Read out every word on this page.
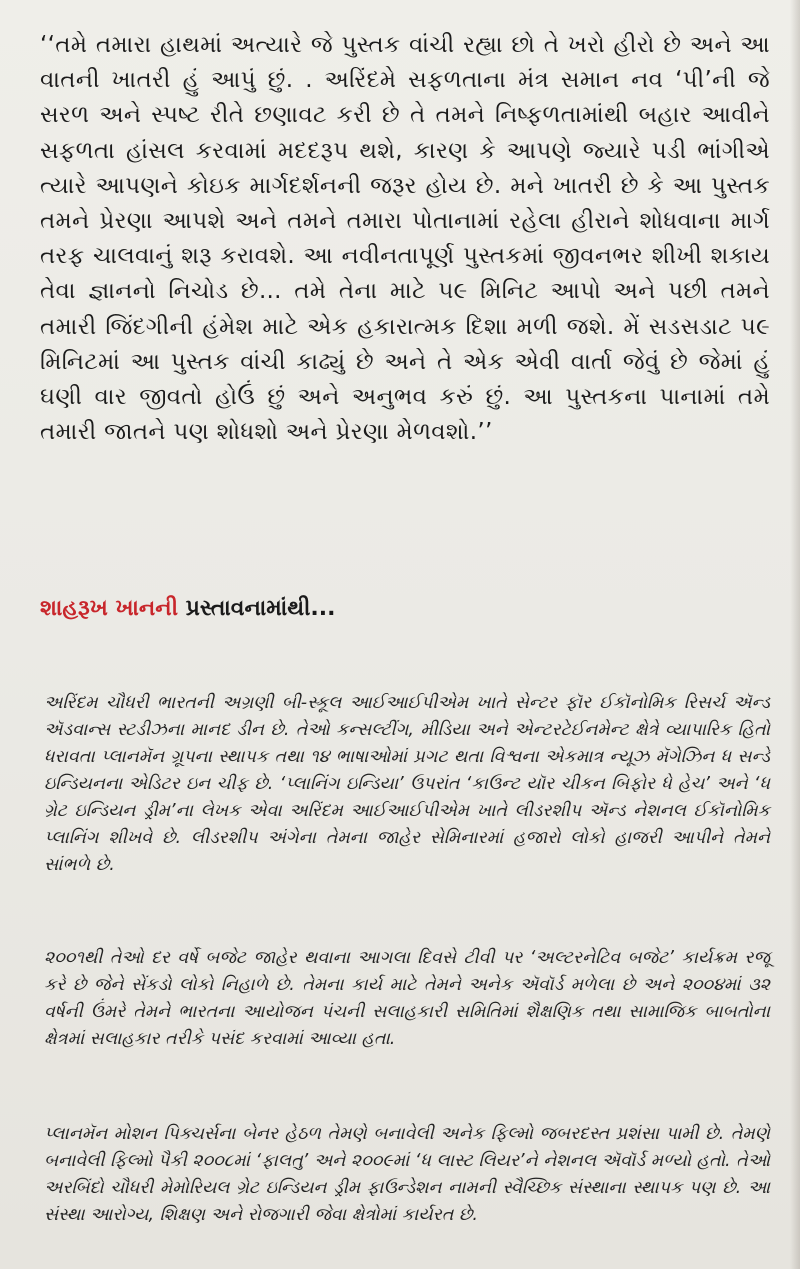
‘‘તમે તમારા હાથમાં અત્યારે જે પુસ્તક વાંચી રહ્યા છો તે ખરો હીરો છે અને આ વાતની ખાતરી હું આપું છું. . અરિંદમે સફળતાના મંત્ર સમાન નવ ‘પી’ની જે સરળ અને સ્પષ્ટ રીતે છણાવટ કરી છે તે તમને નિષ્ફળતામાંથી બહાર આવીને સફળતા હાંસલ કરવામાં મદદરૂપ થશે, કારણ કે આપણે જ્યારે પડી ભાંગીએ ત્યારે આપણને કોઇક માર્ગદર્શનની જરૂર હોય છે. મને ખાતરી છે કે આ પુસ્તક તમને પ્રેરણા આપશે અને તમને તમારા પોતાનામાં રહેલા હીરાને શોધવાના માર્ગ તરફ ચાલવાનું શરૂ કરાવશે. આ નવીનતાપૂર્ણ પુસ્તકમાં જીવનભર શીખી શકાય તેવા જ્ઞાનનો નિચોડ છે... તમે તેના માટે ૫૯ મિનિટ આપો અને પછી તમને તમારી જિંદગીની હંમેશ માટે એક હકારાત્મક દિશા મળી જશે. મેં સડસડાટ ૫૯ મિનિટમાં આ પુસ્તક વાંચી કાઢ્યું છે અને તે એક એવી વાર્તા જેવું છે જેમાં હું ઘણી વાર જીવતો હોઉં છું અને અનુભવ કરું છું. આ પુસ્તકના પાનામાં તમે તમારી જાતને પણ શોધશો અને પ્રેરણા મેળવશો.’’

શાહરૂખ ખાનની પ્રસ્તાવનામાંથી...

અરિંદમ ચૌધરી ભારતની અગ્રણી બી-સ્કૂલ આઈઆઈપીએમ ખાતે સેન્ટર ફૉર ઈકૉનોમિક રિસર્ચ ઍન્ડ ઍડવાન્સ સ્ટડીઝના માનદ ડીન છે. તેઓ કન્સલ્ટીંગ, મીડિયા અને એન્ટરટેઈનમેન્ટ ક્ષેત્રે વ્યાપારિક હિતો ધરાવતા પ્લાનમૅન ગ્રૂપના સ્થાપક તથા ૧૪ ભાષાઓમાં પ્રગટ થતા વિશ્વના એકમાત્ર ન્યૂઝ મૅગેઝિન ધ સન્ડે ઇન્ડિયનના એડિટર ઇન ચીફ છે. ‘પ્લાનિંગ ઇન્ડિયા’ ઉપરાંત ‘કાઉન્ટ યૉર ચીકન બિફોર ધે હેચ’ અને ‘ધ ગ્રેટ ઇન્ડિયન ડ્રીમ’ના લેખક એવા અરિંદમ આઈઆઈપીએમ ખાતે લીડરશીપ ઍન્ડ નેશનલ ઈકૉનોમિક પ્લાનિંગ શીખવે છે. લીડરશીપ અંગેના તેમના જાહેર સેમિનારમાં હજારો લોકો હાજરી આપીને તેમને સાંભળે છે.

૨૦૦૧થી તેઓ દર વર્ષે બજેટ જાહેર થવાના આગલા દિવસે ટીવી પર ‘અલ્ટરનેટિવ બજેટ’ કાર્યક્રમ રજૂ કરે છે જેને સેંકડો લોકો નિહાળે છે. તેમના કાર્ય માટે તેમને અનેક ઍવૉર્ડ મળેલા છે અને ૨૦૦૪માં ૩૨ વર્ષની ઉંમરે તેમને ભારતના આયોજન પંચની સલાહકારી સમિતિમાં શૈક્ષણિક તથા સામાજિક બાબતોના ક્ષેત્રમાં સલાહકાર તરીકે પસંદ કરવામાં આવ્યા હતા.

પ્લાનમૅન મોશન પિક્ચર્સના બેનર હેઠળ તેમણે બનાવેલી અનેક ફિલ્મો જબરદસ્ત પ્રશંસા પામી છે. તેમણે બનાવેલી ફિલ્મો પૈકી ૨૦૦૮માં ‘ફાલતુ’ અને ૨૦૦૯માં ‘ધ લાસ્ટ લિયર’ને નેશનલ ઍવૉર્ડ મળ્યો હતો. તેઓ અરબિંદો ચૌધરી મેમોરિયલ ગ્રેટ ઇન્ડિયન ડ્રીમ ફાઉન્ડેશન નામની સ્વૈચ્છિક સંસ્થાના સ્થાપક પણ છે. આ સંસ્થા આરોગ્ય, શિક્ષણ અને રોજગારી જેવા ક્ષેત્રોમાં કાર્યરત છે.
